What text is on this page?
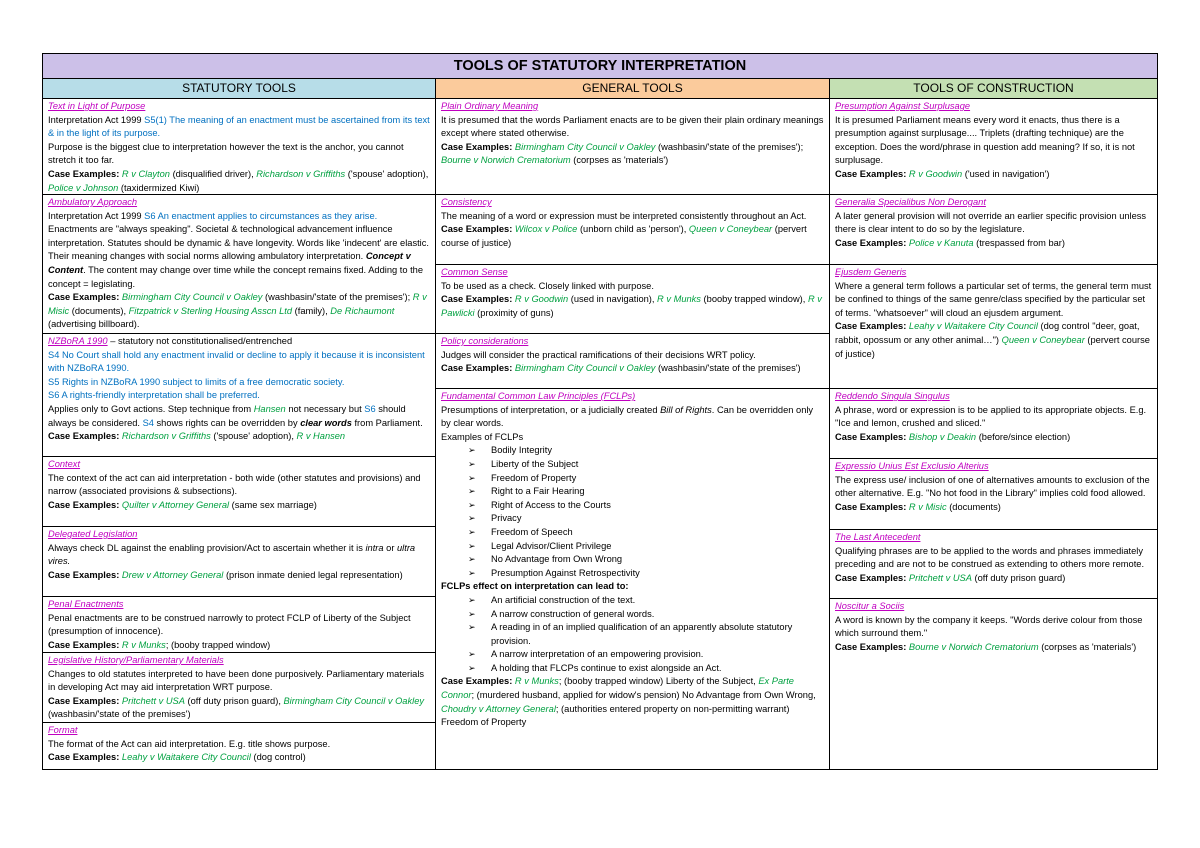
TOOLS OF STATUTORY INTERPRETATION
STATUTORY TOOLS	GENERAL TOOLS	TOOLS OF CONSTRUCTION

Text in Light of Purpose

Interpretation Act 1999 S5(1) The meaning of an enactment must be ascertained from its text & in the light of its purpose.

Purpose is the biggest clue to interpretation however the text is the anchor, you cannot stretch it too far.

Case Examples: R v Clayton (disqualified driver), Richardson v Griffiths ('spouse' adoption), Police v Johnson (taxidermized Kiwi)

Ambulatory Approach

Interpretation Act 1999 S6 An enactment applies to circumstances as they arise.

Enactments are "always speaking". Societal & technological advancement influence interpretation. Statutes should be dynamic & have longevity. Words like 'indecent' are elastic. Their meaning changes with social norms allowing ambulatory interpretation. Concept v Content. The content may change over time while the concept remains fixed. Adding to the concept = legislating.

Case Examples: Birmingham City Council v Oakley (washbasin/'state of the premises'); R v Misic (documents), Fitzpatrick v Sterling Housing Asscn Ltd (family), De Richaumont (advertising billboard).

NZBoRA 1990 – statutory not constitutionalised/entrenched

S4 No Court shall hold any enactment invalid or decline to apply it because it is inconsistent with NZBoRA 1990.

S5 Rights in NZBoRA 1990 subject to limits of a free democratic society.

S6 A rights-friendly interpretation shall be preferred.

Applies only to Govt actions. Step technique from Hansen not necessary but S6 should always be considered. S4 shows rights can be overridden by clear words from Parliament.

Case Examples: Richardson v Griffiths ('spouse' adoption), R v Hansen

Context

The context of the act can aid interpretation - both wide (other statutes and provisions) and narrow (associated provisions & subsections).

Case Examples: Quilter v Attorney General (same sex marriage)

Delegated Legislation

Always check DL against the enabling provision/Act to ascertain whether it is intra or ultra vires.

Case Examples: Drew v Attorney General (prison inmate denied legal representation)

Penal Enactments

Penal enactments are to be construed narrowly to protect FCLP of Liberty of the Subject (presumption of innocence).

Case Examples: R v Munks; (booby trapped window)

Legislative History/Parliamentary Materials

Changes to old statutes interpreted to have been done purposively. Parliamentary materials in developing Act may aid interpretation WRT purpose.

Case Examples: Pritchett v USA (off duty prison guard), Birmingham City Council v Oakley (washbasin/'state of the premises')

Format

The format of the Act can aid interpretation. E.g. title shows purpose.

Case Examples: Leahy v Waitakere City Council (dog control)

Plain Ordinary Meaning

It is presumed that the words Parliament enacts are to be given their plain ordinary meanings except where stated otherwise.

Case Examples: Birmingham City Council v Oakley (washbasin/'state of the premises'); Bourne v Norwich Crematorium (corpses as 'materials')

Consistency

The meaning of a word or expression must be interpreted consistently throughout an Act.

Case Examples: Wilcox v Police (unborn child as 'person'), Queen v Coneybear (pervert course of justice)

Common Sense

To be used as a check. Closely linked with purpose.

Case Examples: R v Goodwin (used in navigation), R v Munks (booby trapped window), R v Pawlicki (proximity of guns)

Policy considerations

Judges will consider the practical ramifications of their decisions WRT policy.

Case Examples: Birmingham City Council v Oakley (washbasin/'state of the premises')

Fundamental Common Law Principles (FCLPs)

Presumptions of interpretation, or a judicially created Bill of Rights. Can be overridden only by clear words.

Examples of FCLPs

➢ Bodily Integrity
➢ Liberty of the Subject
➢ Freedom of Property
➢ Right to a Fair Hearing
➢ Right of Access to the Courts
➢ Privacy
➢ Freedom of Speech
➢ Legal Advisor/Client Privilege
➢ No Advantage from Own Wrong
➢ Presumption Against Retrospectivity

FCLPs effect on interpretation can lead to:

➢ An artificial construction of the text.
➢ A narrow construction of general words.
➢ A reading in of an implied qualification of an apparently absolute statutory provision.
➢ A narrow interpretation of an empowering provision.
➢ A holding that FLCPs continue to exist alongside an Act.

Case Examples: R v Munks; (booby trapped window) Liberty of the Subject, Ex Parte Connor; (murdered husband, applied for widow's pension) No Advantage from Own Wrong, Choudry v Attorney General; (authorities entered property on non-permitting warrant) Freedom of Property

Presumption Against Surplusage

It is presumed Parliament means every word it enacts, thus there is a presumption against surplusage.... Triplets (drafting technique) are the exception. Does the word/phrase in question add meaning? If so, it is not surplusage.

Case Examples: R v Goodwin ('used in navigation')

Generalia Specialibus Non Derogant

A later general provision will not override an earlier specific provision unless there is clear intent to do so by the legislature.

Case Examples: Police v Kanuta (trespassed from bar)

Ejusdem Generis

Where a general term follows a particular set of terms, the general term must be confined to things of the same genre/class specified by the particular set of terms. "whatsoever" will cloud an ejusdem argument.

Case Examples: Leahy v Waitakere City Council (dog control "deer, goat, rabbit, opossum or any other animal…") Queen v Coneybear (pervert course of justice)

Reddendo Singula Singulus

A phrase, word or expression is to be applied to its appropriate objects. E.g. "Ice and lemon, crushed and sliced."

Case Examples: Bishop v Deakin (before/since election)

Expressio Unius Est Exclusio Alterius

The express use/ inclusion of one of alternatives amounts to exclusion of the other alternative. E.g. "No hot food in the Library" implies cold food allowed.

Case Examples: R v Misic (documents)

The Last Antecedent

Qualifying phrases are to be applied to the words and phrases immediately preceding and are not to be construed as extending to others more remote.

Case Examples: Pritchett v USA (off duty prison guard)

Noscitur a Sociis

A word is known by the company it keeps. "Words derive colour from those which surround them."

Case Examples: Bourne v Norwich Crematorium (corpses as 'materials')
